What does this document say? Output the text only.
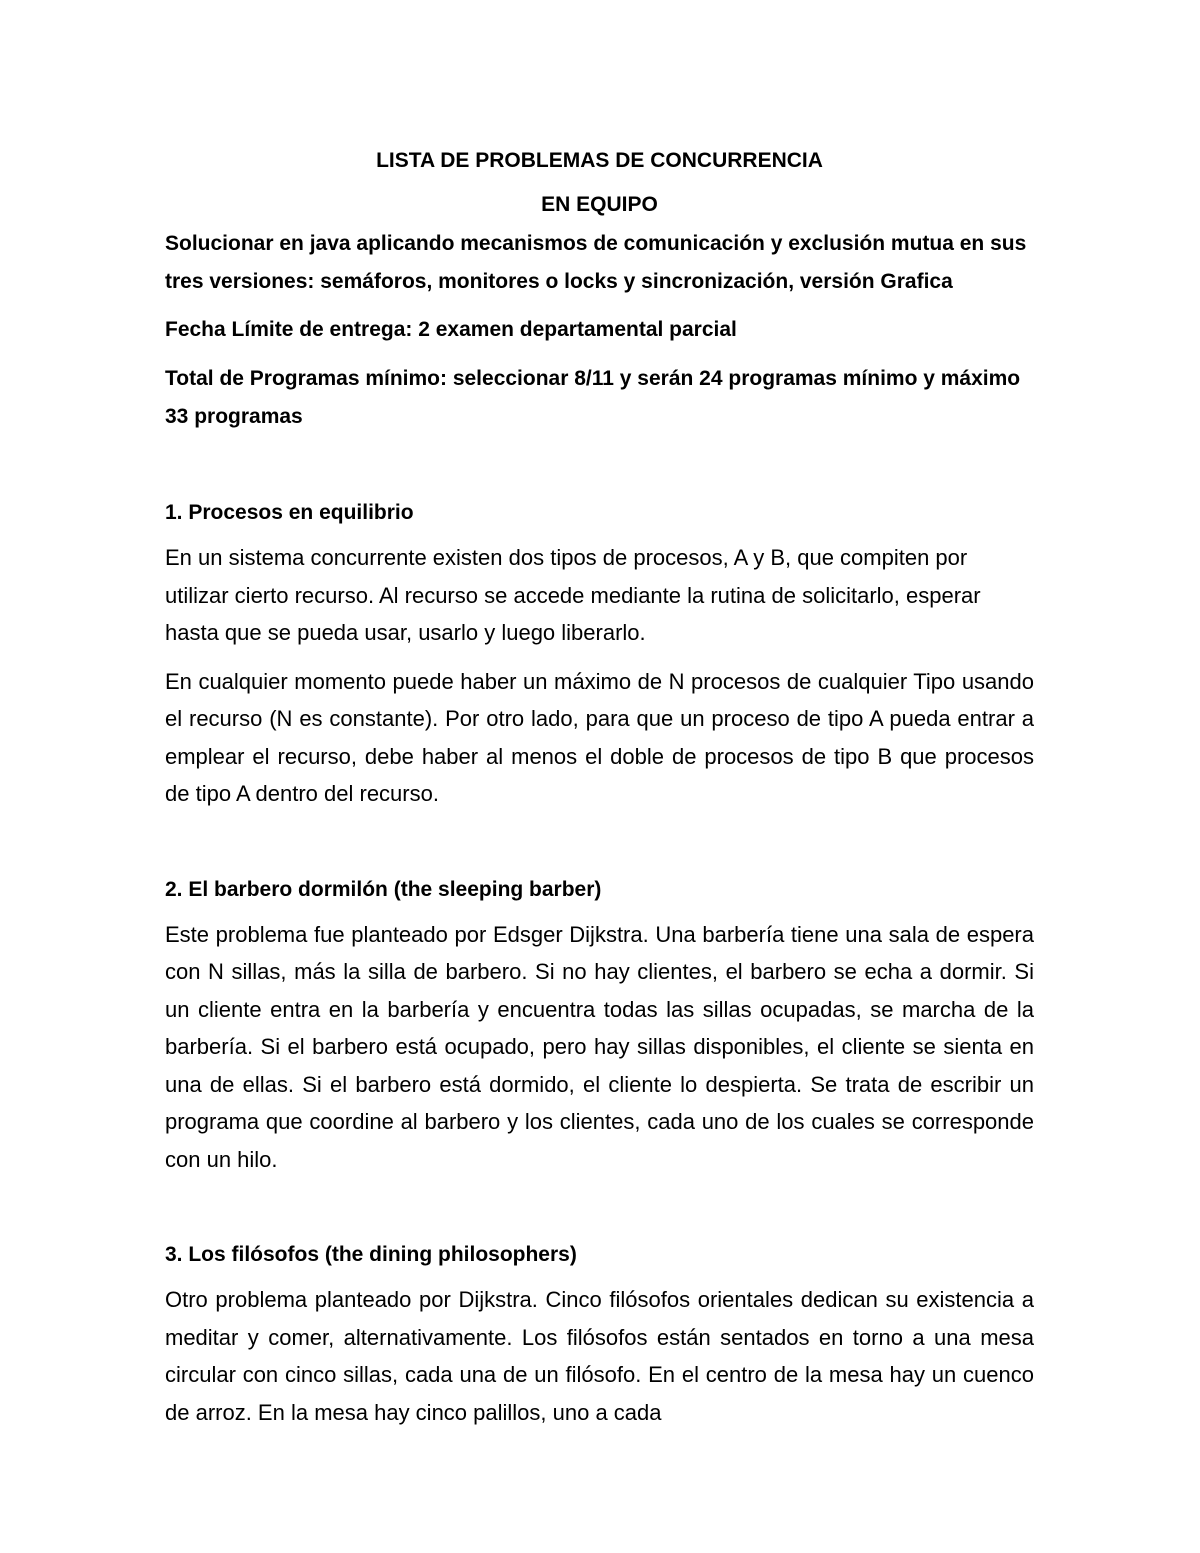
LISTA DE PROBLEMAS DE CONCURRENCIA

EN EQUIPO

Solucionar en java aplicando mecanismos de comunicación y exclusión mutua en sus tres versiones: semáforos, monitores o locks y sincronización, versión Grafica

Fecha Límite de entrega: 2 examen departamental parcial

Total de Programas mínimo: seleccionar 8/11 y serán 24 programas mínimo y máximo 33 programas

1. Procesos en equilibrio

En un sistema concurrente existen dos tipos de procesos, A y B, que compiten por utilizar cierto recurso. Al recurso se accede mediante la rutina de solicitarlo, esperar hasta que se pueda usar, usarlo y luego liberarlo.

En cualquier momento puede haber un máximo de N procesos de cualquier Tipo usando el recurso (N es constante). Por otro lado, para que un proceso de tipo A pueda entrar a emplear el recurso, debe haber al menos el doble de procesos de tipo B que procesos de tipo A dentro del recurso.

2. El barbero dormilón (the sleeping barber)

Este problema fue planteado por Edsger Dijkstra. Una barbería tiene una sala de espera con N sillas, más la silla de barbero. Si no hay clientes, el barbero se echa a dormir. Si un cliente entra en la barbería y encuentra todas las sillas ocupadas, se marcha de la barbería. Si el barbero está ocupado, pero hay sillas disponibles, el cliente se sienta en una de ellas. Si el barbero está dormido, el cliente lo despierta. Se trata de escribir un programa que coordine al barbero y los clientes, cada uno de los cuales se corresponde con un hilo.

3. Los filósofos (the dining philosophers)

Otro problema planteado por Dijkstra. Cinco filósofos orientales dedican su existencia a meditar y comer, alternativamente. Los filósofos están sentados en torno a una mesa circular con cinco sillas, cada una de un filósofo. En el centro de la mesa hay un cuenco de arroz. En la mesa hay cinco palillos, uno a cada
